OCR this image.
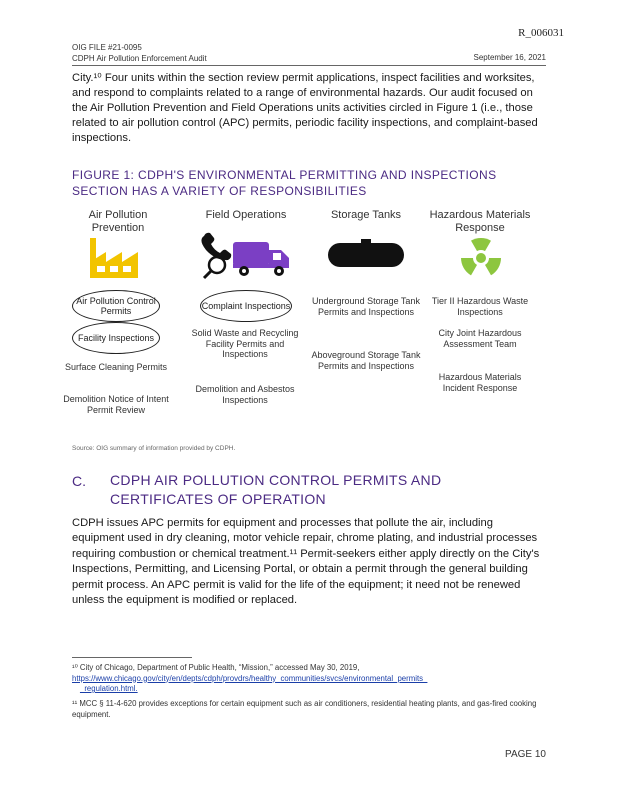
R_006031
OIG FILE #21-0095
CDPH Air Pollution Enforcement Audit	September 16, 2021
City.¹⁰ Four units within the section review permit applications, inspect facilities and worksites, and respond to complaints related to a range of environmental hazards. Our audit focused on the Air Pollution Prevention and Field Operations units activities circled in Figure 1 (i.e., those related to air pollution control (APC) permits, periodic facility inspections, and complaint-based inspections.
FIGURE 1: CDPH'S ENVIRONMENTAL PERMITTING AND INSPECTIONS
SECTION HAS A VARIETY OF RESPONSIBILITIES
Air Pollution Prevention
Air Pollution Control Permits
Facility Inspections
Surface Cleaning Permits
Demolition Notice of Intent Permit Review
Field Operations
Complaint Inspections
Solid Waste and Recycling Facility Permits and Inspections
Demolition and Asbestos Inspections
Storage Tanks
Underground Storage Tank Permits and Inspections
Aboveground Storage Tank Permits and Inspections
Hazardous Materials Response
Tier II Hazardous Waste Inspections
City Joint Hazardous Assessment Team
Hazardous Materials Incident Response
Source: OIG summary of information provided by CDPH.
C. CDPH AIR POLLUTION CONTROL PERMITS AND
CERTIFICATES OF OPERATION
CDPH issues APC permits for equipment and processes that pollute the air, including equipment used in dry cleaning, motor vehicle repair, chrome plating, and industrial processes requiring combustion or chemical treatment.¹¹ Permit-seekers either apply directly on the City's Inspections, Permitting, and Licensing Portal, or obtain a permit through the general building permit process. An APC permit is valid for the life of the equipment; it need not be renewed unless the equipment is modified or replaced.
¹⁰ City of Chicago, Department of Public Health, “Mission,” accessed May 30, 2019,
https://www.chicago.gov/city/en/depts/cdph/provdrs/healthy_communities/svcs/environmental_permits_
_regulation.html.
¹¹ MCC § 11-4-620 provides exceptions for certain equipment such as air conditioners, residential heating plants, and gas-fired cooking equipment.
PAGE 10
